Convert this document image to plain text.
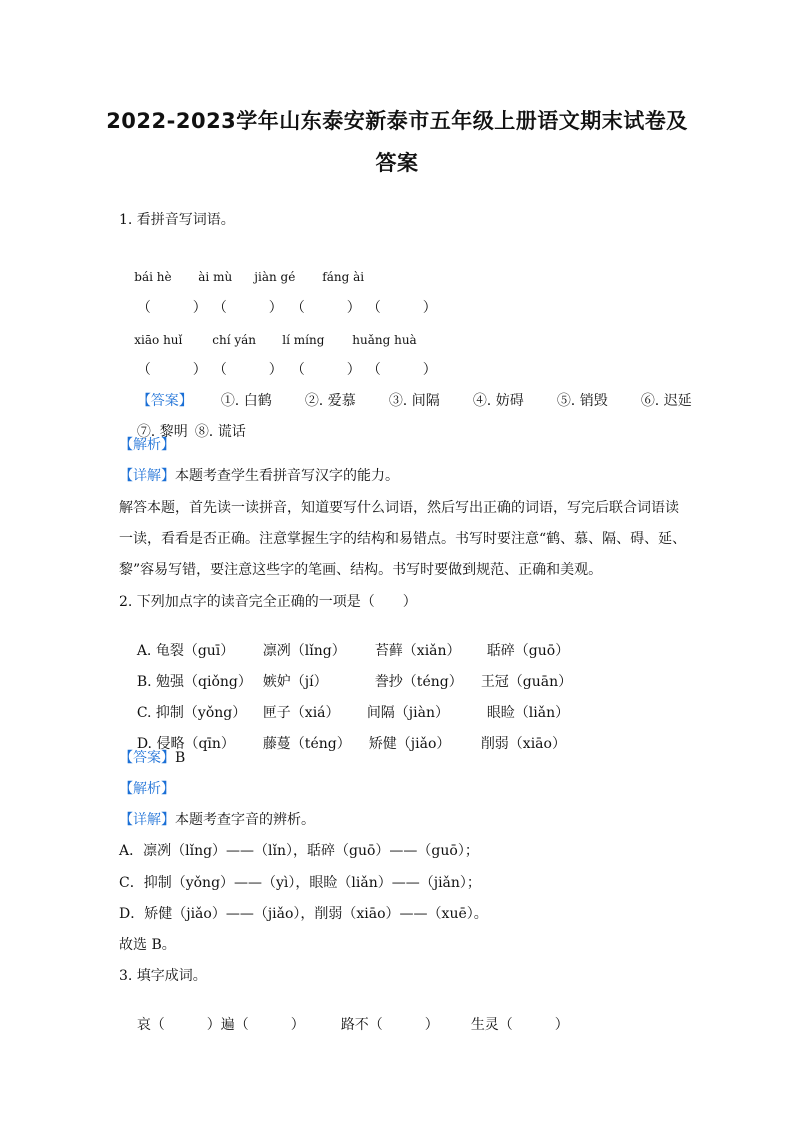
2022-2023学年山东泰安新泰市五年级上册语文期末试卷及
答案
1. 看拼音写词语。

bái hè ài mù jiàn gé fáng ài

（　　　） （　　　） （　　　） （　　　）

xiāo huǐ chí yán lí míng huǎng huà

（　　　） （　　　） （　　　） （　　　）

【答案】 ①. 白鹤 ②. 爱慕 ③. 间隔 ④. 妨碍 ⑤. 销毁 ⑥. 迟延

⑦. 黎明 ⑧. 谎话

【解析】
【详解】本题考查学生看拼音写汉字的能力。
解答本题，首先读一读拼音，知道要写什么词语，然后写出正确的词语，写完后联合词语读
一读，看看是否正确。注意掌握生字的结构和易错点。书写时要注意“鹤、慕、隔、碍、延、
黎”容易写错，要注意这些字的笔画、结构。书写时要做到规范、正确和美观。
2. 下列加点字的读音完全正确的一项是（　　）

A. 龟裂（guī） 凛冽（lǐng） 苔藓（xiǎn） 聒碎（guō）

B. 勉强（qiǒng） 嫉妒（jí）	誊抄（téng） 王冠（guān）

C. 抑制（yǒng） 匣子（xiá） 间隔（jiàn）	眼睑（liǎn）

D. 侵略（qīn） 藤蔓（téng） 矫健（jiǎo） 削弱（xiāo）

【答案】B
【解析】
【详解】本题考查字音的辨析。
A．凛冽（lǐng）——（lǐn），聒碎（guō）——（guō）；
C．抑制（yǒng）——（yì），眼睑（liǎn）——（jiǎn）；
D．矫健（jiǎo）——（jiǎo），削弱（xiāo）——（xuē）。
故选 B。
3. 填字成词。

哀（　　　）遍（　　　）	路不（　　　） 生灵（　　　）
